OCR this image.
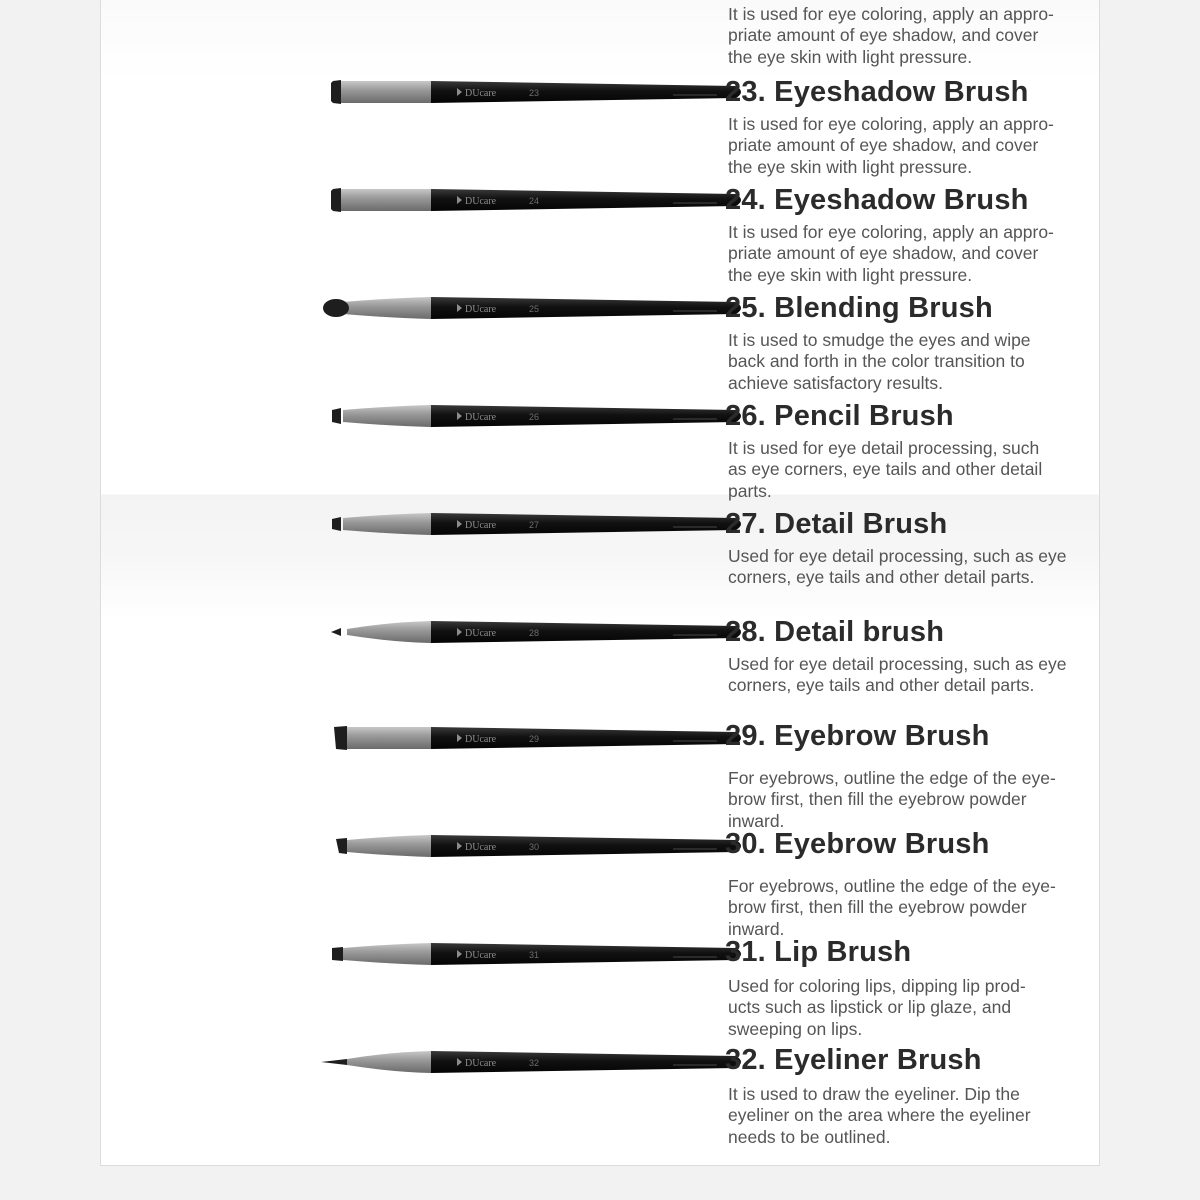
It is used for eye coloring, apply an appro-
priate amount of eye shadow, and cover
the eye skin with light pressure.

DUcare	23	23. Eyeshadow Brush

It is used for eye coloring, apply an appro-
priate amount of eye shadow, and cover
the eye skin with light pressure.

DUcare	24	24. Eyeshadow Brush

It is used for eye coloring, apply an appro-
priate amount of eye shadow, and cover
the eye skin with light pressure.

DUcare	25	25. Blending Brush

It is used to smudge the eyes and wipe
back and forth in the color transition to
achieve satisfactory results.

DUcare	26	26. Pencil Brush

It is used for eye detail processing, such
as eye corners, eye tails and other detail
parts.

DUcare	27	27. Detail Brush

Used for eye detail processing, such as eye
corners, eye tails and other detail parts.

DUcare	28	28. Detail brush

Used for eye detail processing, such as eye
corners, eye tails and other detail parts.

DUcare	29	29. Eyebrow Brush

For eyebrows, outline the edge of the eye-
brow first, then fill the eyebrow powder
inward.

DUcare	30	30. Eyebrow Brush

For eyebrows, outline the edge of the eye-
brow first, then fill the eyebrow powder
inward.

DUcare	31	31. Lip Brush

Used for coloring lips, dipping lip prod-
ucts such as lipstick or lip glaze, and
sweeping on lips.

DUcare	32	32. Eyeliner Brush

It is used to draw the eyeliner. Dip the
eyeliner on the area where the eyeliner
needs to be outlined.
